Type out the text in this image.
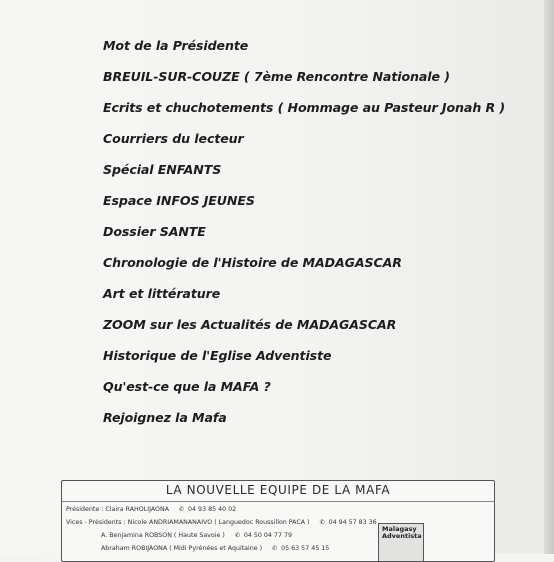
Mot de la Présidente
BREUIL-SUR-COUZE ( 7ème Rencontre Nationale )
Ecrits et chuchotements ( Hommage au Pasteur Jonah R )
Courriers du lecteur
Spécial ENFANTS
Espace INFOS JEUNES
Dossier SANTE
Chronologie de l'Histoire de MADAGASCAR
Art et littérature
ZOOM sur les Actualités de MADAGASCAR
Historique de l'Eglise Adventiste
Qu'est-ce que la MAFA ?
Rejoignez la Mafa
LA NOUVELLE EQUIPE DE LA MAFA
Présidente : Claira RAHOLIJAONA ✆ 04 93 85 40 02
Vices - Présidents : Nicole ANDRIAMANANAIVO ( Languedoc Roussillon PACA ) ✆ 04 94 57 83 36
A. Benjamina ROBSON ( Haute Savoie ) ✆ 04 50 04 77 79
Abraham ROBIJAONA ( Midi Pyrénées et Aquitaine ) ✆ 05 63 57 45 15
Malagasy
Adventista
